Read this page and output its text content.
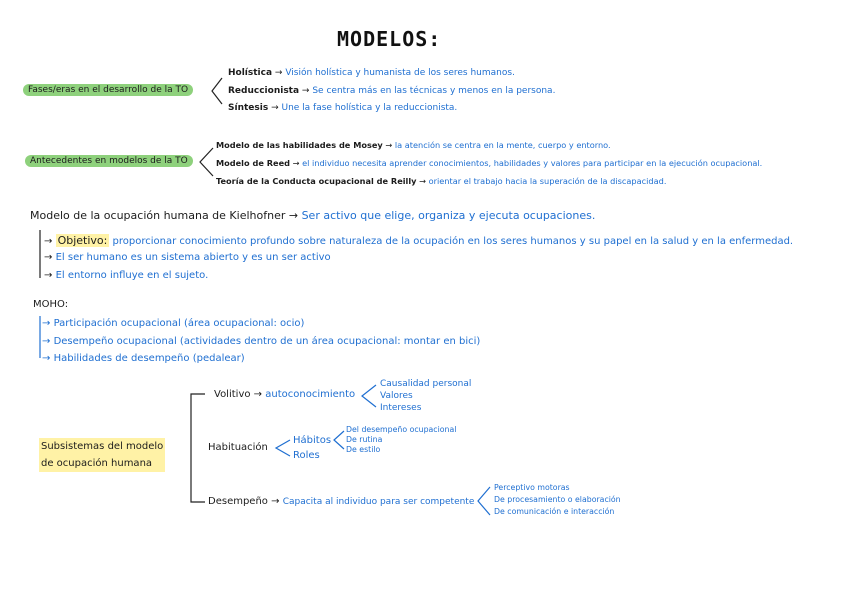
MODELOS:
Fases/eras en el desarrollo de la TO
Holística → Visión holística y humanista de los seres humanos.
Reduccionista → Se centra más en las técnicas y menos en la persona.
Síntesis → Une la fase holística y la reduccionista.
Antecedentes en modelos de la TO
Modelo de las habilidades de Mosey → la atención se centra en la mente, cuerpo y entorno.
Modelo de Reed → el individuo necesita aprender conocimientos, habilidades y valores para participar en la ejecución ocupacional.
Teoría de la Conducta ocupacional de Reilly → orientar el trabajo hacia la superación de la discapacidad.
Modelo de la ocupación humana de Kielhofner → Ser activo que elige, organiza y ejecuta ocupaciones.
→ Objetivo: proporcionar conocimiento profundo sobre naturaleza de la ocupación en los seres humanos y su papel en la salud y en la enfermedad.
→ El ser humano es un sistema abierto y es un ser activo
→ El entorno influye en el sujeto.
MOHO:
→ Participación ocupacional (área ocupacional: ocio)
→ Desempeño ocupacional (actividades dentro de un área ocupacional: montar en bici)
→ Habilidades de desempeño (pedalear)
Subsistemas del modelo
de ocupación humana
Volitivo → autoconocimiento
Causalidad personal
Valores
Intereses
Habituación
Hábitos
Roles
Del desempeño ocupacional
De rutina
De estilo
Desempeño → Capacita al individuo para ser competente
Perceptivo motoras
De procesamiento o elaboración
De comunicación e interacción
